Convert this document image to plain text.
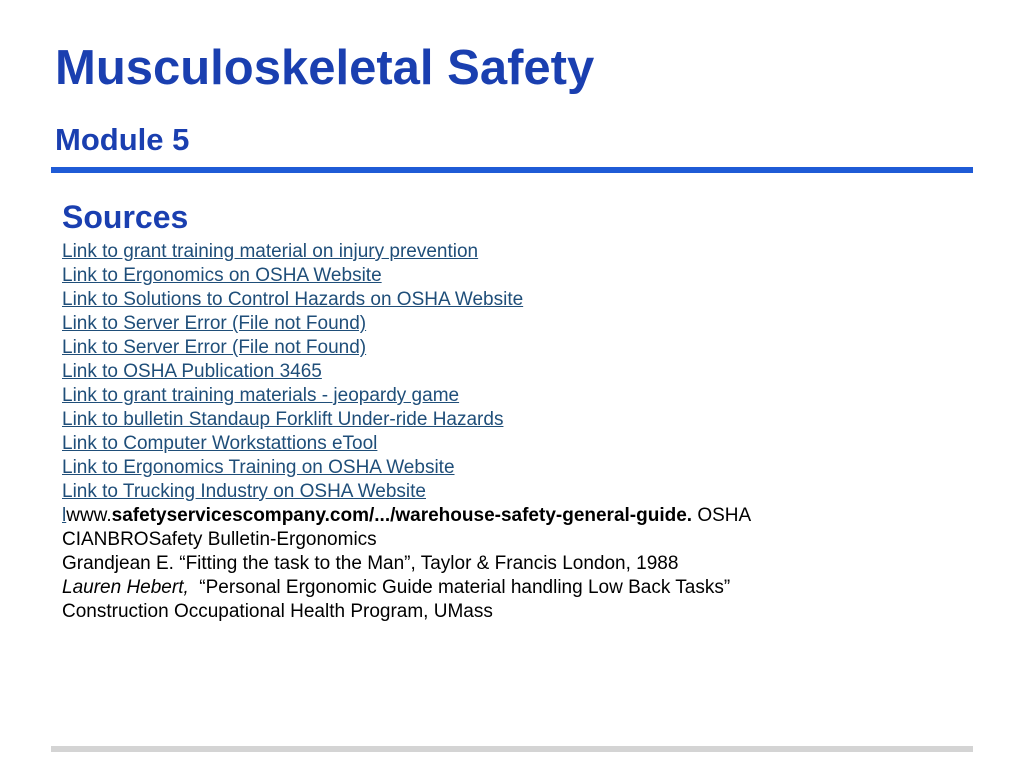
Musculoskeletal Safety
Module 5
Sources
Link to grant training material on injury prevention
Link to Ergonomics on OSHA Website
Link to Solutions to Control Hazards on OSHA Website
Link to Server Error (File not Found)
Link to Server Error (File not Found)
Link to OSHA Publication 3465
Link to grant training materials - jeopardy game
Link to bulletin Standaup Forklift Under-ride Hazards
Link to Computer Workstattions eTool
Link to Ergonomics Training on OSHA Website
Link to Trucking Industry on OSHA Website
lwww.safetyservicescompany.com/.../warehouse-safety-general-guide. OSHA
CIANBROSafety Bulletin-Ergonomics
Grandjean E. “Fitting the task to the Man”, Taylor & Francis London, 1988
Lauren Hebert,  “Personal Ergonomic Guide material handling Low Back Tasks”
Construction Occupational Health Program, UMass
